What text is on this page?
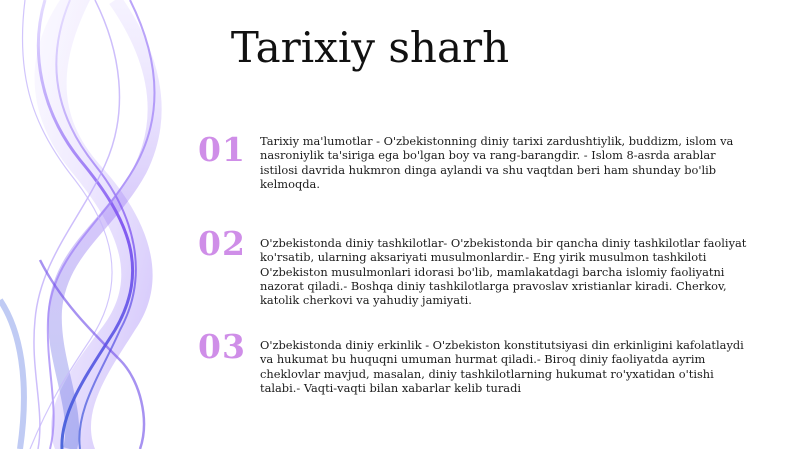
Tarixiy sharh
01 Tarixiy ma'lumotlar - O'zbekistonning diniy tarixi zardushtiylik, buddizm, islom va nasroniylik ta'siriga ega bo'lgan boy va rang-barangdir. - Islom 8-asrda arablar istilosi davrida hukmron dinga aylandi va shu vaqtdan beri ham shunday bo'lib kelmoqda.
02 O'zbekistonda diniy tashkilotlar- O'zbekistonda bir qancha diniy tashkilotlar faoliyat ko'rsatib, ularning aksariyati musulmonlardir.- Eng yirik musulmon tashkiloti O'zbekiston musulmonlari idorasi bo'lib, mamlakatdagi barcha islomiy faoliyatni nazorat qiladi.- Boshqa diniy tashkilotlarga pravoslav xristianlar kiradi. Cherkov, katolik cherkovi va yahudiy jamiyati.
03 O'zbekistonda diniy erkinlik - O'zbekiston konstitutsiyasi din erkinligini kafolatlaydi va hukumat bu huquqni umuman hurmat qiladi.- Biroq diniy faoliyatda ayrim cheklovlar mavjud, masalan, diniy tashkilotlarning hukumat ro'yxatidan o'tishi talabi.- Vaqti-vaqti bilan xabarlar kelib turadi
